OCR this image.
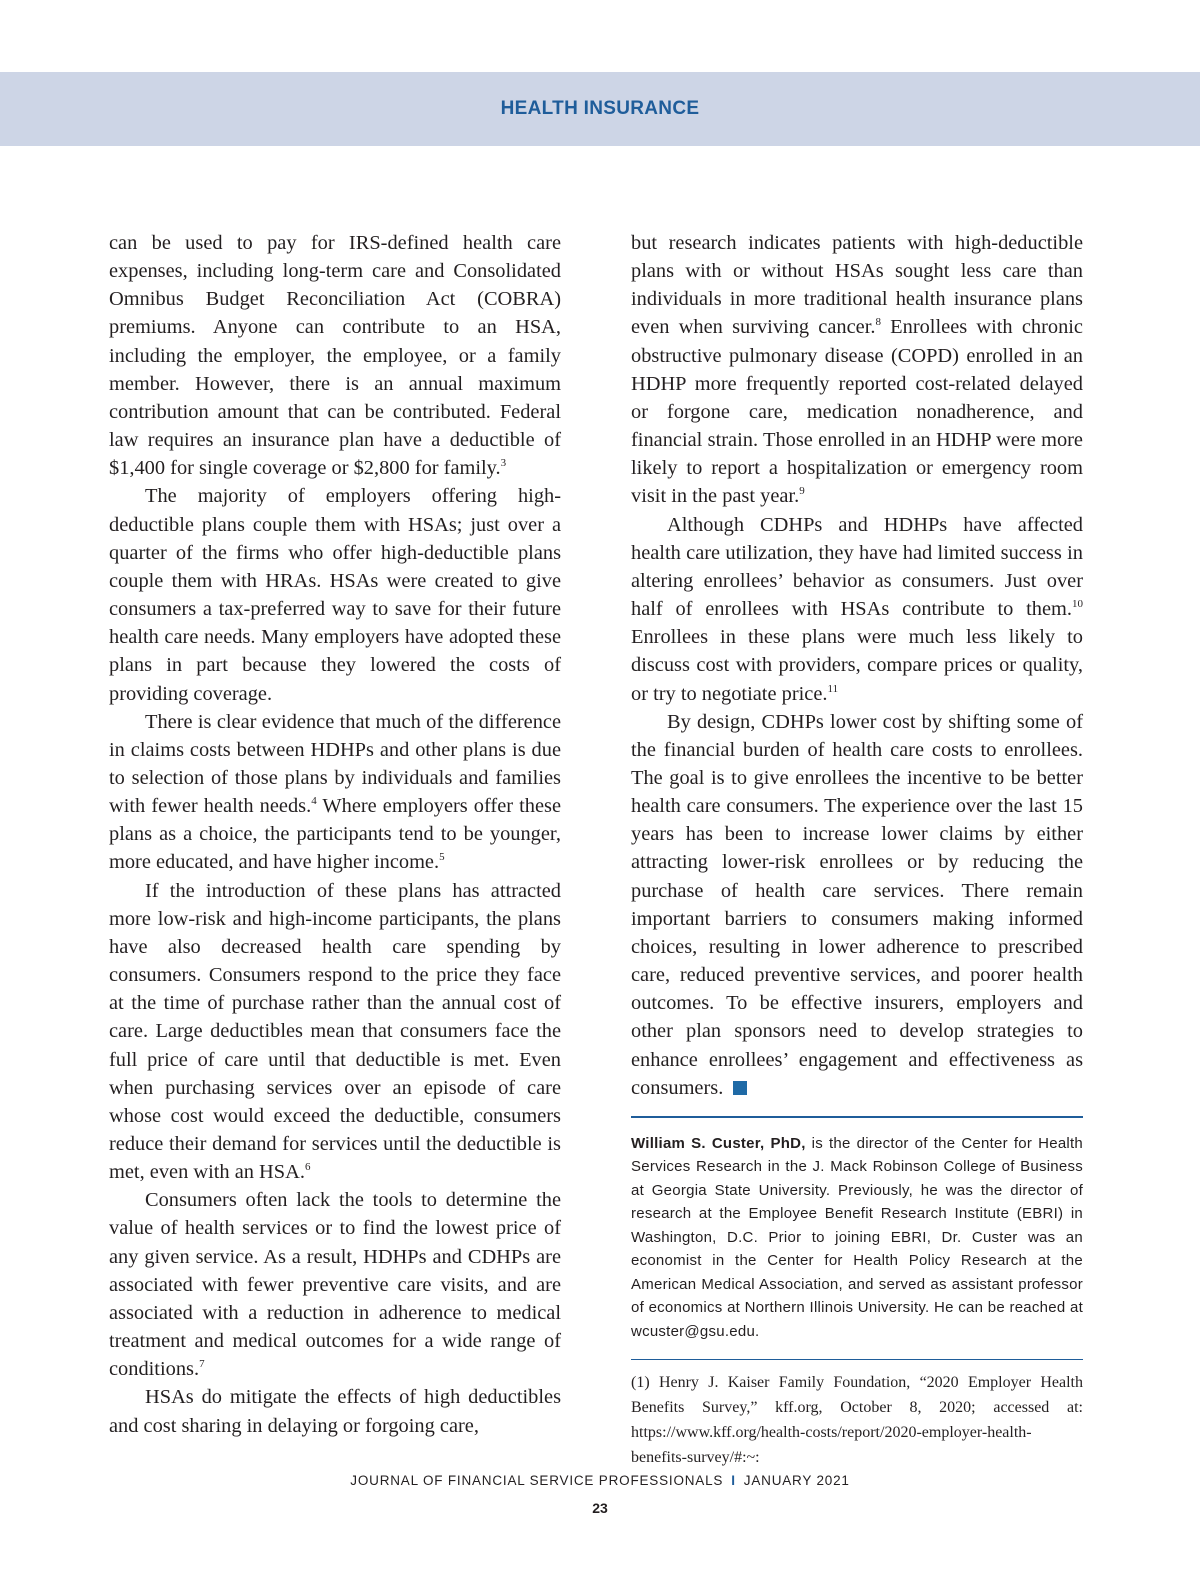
HEALTH INSURANCE

can be used to pay for IRS-defined health care expenses, including long-term care and Consolidated Omnibus Budget Reconciliation Act (COBRA) premiums. Anyone can contribute to an HSA, including the employer, the employee, or a family member. However, there is an annual maximum contribution amount that can be contributed. Federal law requires an insurance plan have a deductible of $1,400 for single coverage or $2,800 for family.$^3$

The majority of employers offering high-deductible plans couple them with HSAs; just over a quarter of the firms who offer high-deductible plans couple them with HRAs. HSAs were created to give consumers a tax-preferred way to save for their future health care needs. Many employers have adopted these plans in part because they lowered the costs of providing coverage.

There is clear evidence that much of the difference in claims costs between HDHPs and other plans is due to selection of those plans by individuals and families with fewer health needs.$^4$ Where employers offer these plans as a choice, the participants tend to be younger, more educated, and have higher income.$^5$

If the introduction of these plans has attracted more low-risk and high-income participants, the plans have also decreased health care spending by consumers. Consumers respond to the price they face at the time of purchase rather than the annual cost of care. Large deductibles mean that consumers face the full price of care until that deductible is met. Even when purchasing services over an episode of care whose cost would exceed the deductible, consumers reduce their demand for services until the deductible is met, even with an HSA.$^6$

Consumers often lack the tools to determine the value of health services or to find the lowest price of any given service. As a result, HDHPs and CDHPs are associated with fewer preventive care visits, and are associated with a reduction in adherence to medical treatment and medical outcomes for a wide range of conditions.$^7$

HSAs do mitigate the effects of high deductibles and cost sharing in delaying or forgoing care,

but research indicates patients with high-deductible plans with or without HSAs sought less care than individuals in more traditional health insurance plans even when surviving cancer.$^8$ Enrollees with chronic obstructive pulmonary disease (COPD) enrolled in an HDHP more frequently reported cost-related delayed or forgone care, medication nonadherence, and financial strain. Those enrolled in an HDHP were more likely to report a hospitalization or emergency room visit in the past year.$^9$

Although CDHPs and HDHPs have affected health care utilization, they have had limited success in altering enrollees’ behavior as consumers. Just over half of enrollees with HSAs contribute to them.$^{10}$ Enrollees in these plans were much less likely to discuss cost with providers, compare prices or quality, or try to negotiate price.$^{11}$

By design, CDHPs lower cost by shifting some of the financial burden of health care costs to enrollees. The goal is to give enrollees the incentive to be better health care consumers. The experience over the last 15 years has been to increase lower claims by either attracting lower-risk enrollees or by reducing the purchase of health care services. There remain important barriers to consumers making informed choices, resulting in lower adherence to prescribed care, reduced preventive services, and poorer health outcomes. To be effective insurers, employers and other plan sponsors need to develop strategies to enhance enrollees’ engagement and effectiveness as consumers.

William S. Custer, PhD, is the director of the Center for Health Services Research in the J. Mack Robinson College of Business at Georgia State University. Previously, he was the director of research at the Employee Benefit Research Institute (EBRI) in Washington, D.C. Prior to joining EBRI, Dr. Custer was an economist in the Center for Health Policy Research at the American Medical Association, and served as assistant professor of economics at Northern Illinois University. He can be reached at wcuster@gsu.edu.
(1) Henry J. Kaiser Family Foundation, “2020 Employer Health Benefits Survey,” kff.org, October 8, 2020; accessed at: https://www.kff.org/health-costs/report/2020-employer-health-benefits-survey/#:~:
JOURNAL OF FINANCIAL SERVICE PROFESSIONALS I JANUARY 2021
23
